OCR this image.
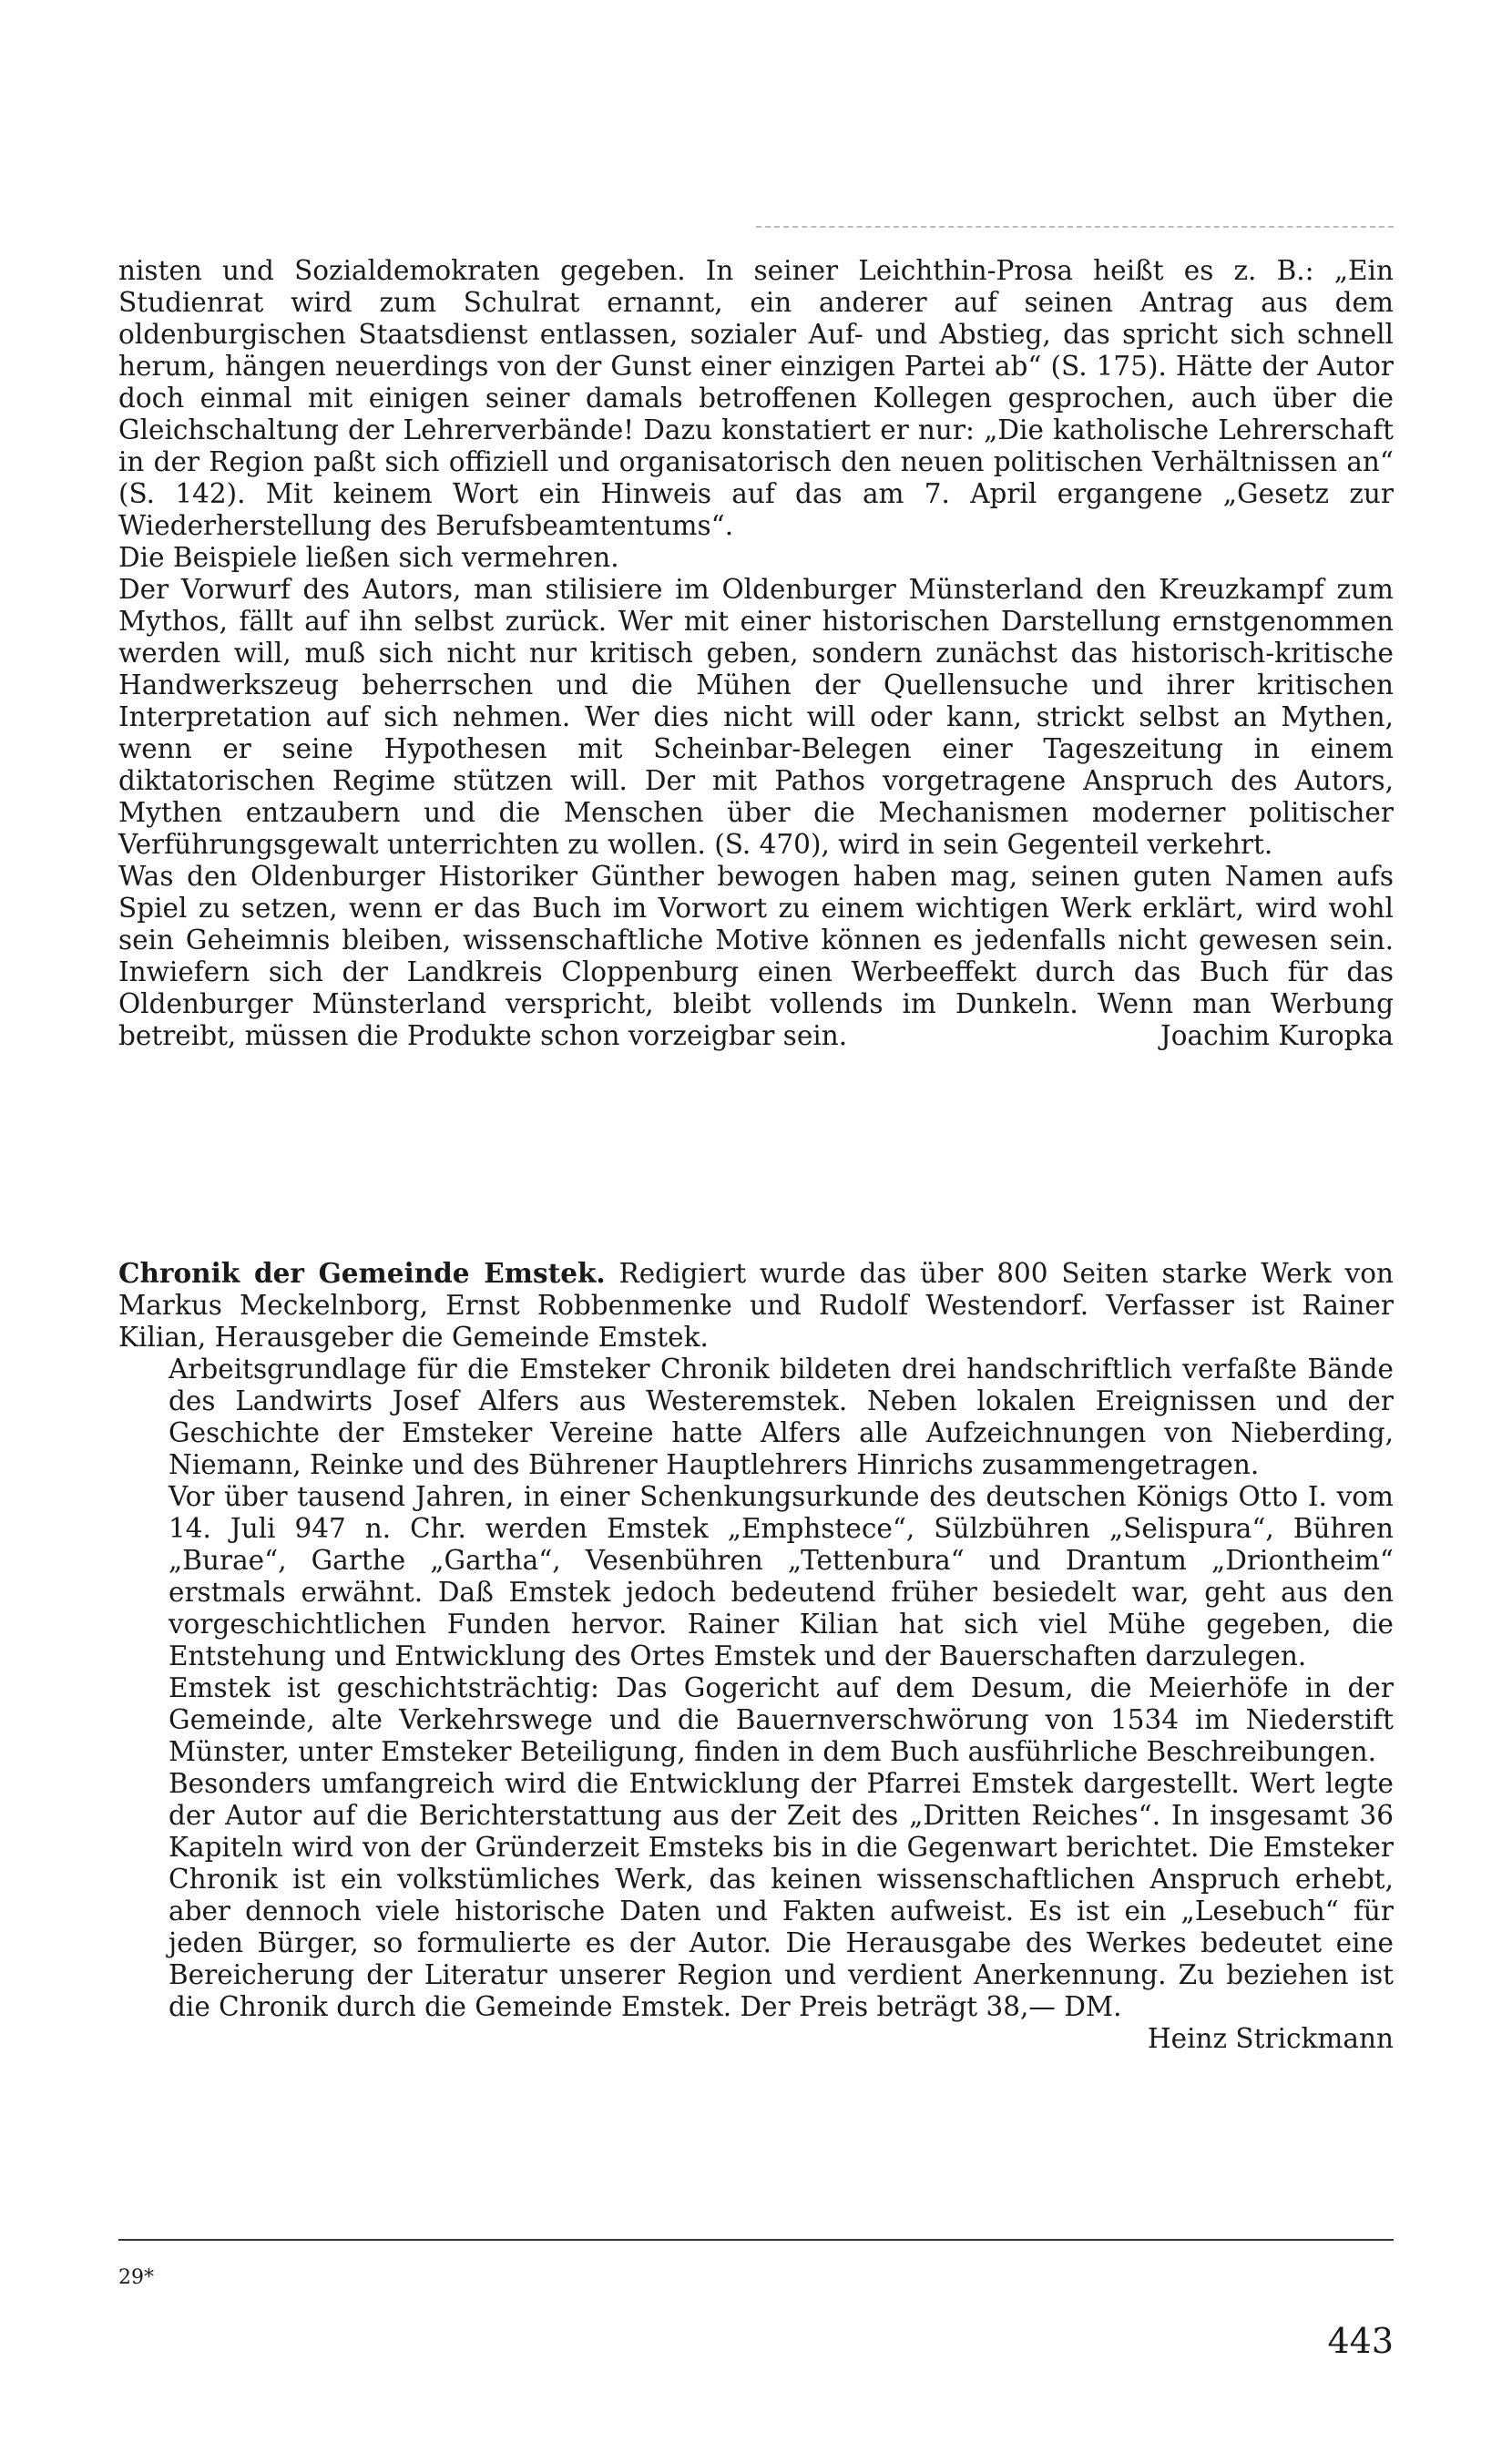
nisten und Sozialdemokraten gegeben. In seiner Leichthin-Prosa heißt es z. B.: „Ein Studienrat wird zum Schulrat ernannt, ein anderer auf seinen Antrag aus dem oldenburgischen Staatsdienst entlassen, sozialer Auf- und Abstieg, das spricht sich schnell herum, hängen neuerdings von der Gunst einer einzigen Partei ab“ (S. 175). Hätte der Autor doch einmal mit einigen seiner damals betroffenen Kollegen gesprochen, auch über die Gleichschaltung der Lehrerverbände! Dazu konstatiert er nur: „Die katholische Lehrerschaft in der Region paßt sich offiziell und organisatorisch den neuen politischen Verhältnissen an“ (S. 142). Mit keinem Wort ein Hinweis auf das am 7. April ergangene „Gesetz zur Wiederherstellung des Berufsbeamtentums“.
Die Beispiele ließen sich vermehren.
Der Vorwurf des Autors, man stilisiere im Oldenburger Münsterland den Kreuzkampf zum Mythos, fällt auf ihn selbst zurück. Wer mit einer historischen Darstellung ernstgenommen werden will, muß sich nicht nur kritisch geben, sondern zunächst das historisch-kritische Handwerkszeug beherrschen und die Mühen der Quellensuche und ihrer kritischen Interpretation auf sich nehmen. Wer dies nicht will oder kann, strickt selbst an Mythen, wenn er seine Hypothesen mit Scheinbar-Belegen einer Tageszeitung in einem diktatorischen Regime stützen will. Der mit Pathos vorgetragene Anspruch des Autors, Mythen entzaubern und die Menschen über die Mechanismen moderner politischer Verführungsgewalt unterrichten zu wollen. (S. 470), wird in sein Gegenteil verkehrt.
Was den Oldenburger Historiker Günther bewogen haben mag, seinen guten Namen aufs Spiel zu setzen, wenn er das Buch im Vorwort zu einem wichtigen Werk erklärt, wird wohl sein Geheimnis bleiben, wissenschaftliche Motive können es jedenfalls nicht gewesen sein. Inwiefern sich der Landkreis Cloppenburg einen Werbeeffekt durch das Buch für das Oldenburger Münsterland verspricht, bleibt vollends im Dunkeln. Wenn man Werbung betreibt, müssen die Produkte schon vorzeigbar sein.	Joachim Kuropka
Chronik der Gemeinde Emstek. Redigiert wurde das über 800 Seiten starke Werk von Markus Meckelnborg, Ernst Robbenmenke und Rudolf Westendorf. Verfasser ist Rainer Kilian, Herausgeber die Gemeinde Emstek.
Arbeitsgrundlage für die Emsteker Chronik bildeten drei handschriftlich verfaßte Bände des Landwirts Josef Alfers aus Westeremstek. Neben lokalen Ereignissen und der Geschichte der Emsteker Vereine hatte Alfers alle Aufzeichnungen von Nieberding, Niemann, Reinke und des Bührener Hauptlehrers Hinrichs zusammengetragen.
Vor über tausend Jahren, in einer Schenkungsurkunde des deutschen Königs Otto I. vom 14. Juli 947 n. Chr. werden Emstek „Emphstece“, Sülzbühren „Selispura“, Bühren „Burae“, Garthe „Gartha“, Vesenbühren „Tettenbura“ und Drantum „Driontheim“ erstmals erwähnt. Daß Emstek jedoch bedeutend früher besiedelt war, geht aus den vorgeschichtlichen Funden hervor. Rainer Kilian hat sich viel Mühe gegeben, die Entstehung und Entwicklung des Ortes Emstek und der Bauerschaften darzulegen.
Emstek ist geschichtsträchtig: Das Gogericht auf dem Desum, die Meierhöfe in der Gemeinde, alte Verkehrswege und die Bauernverschwörung von 1534 im Niederstift Münster, unter Emsteker Beteiligung, finden in dem Buch ausführliche Beschreibungen.
Besonders umfangreich wird die Entwicklung der Pfarrei Emstek dargestellt. Wert legte der Autor auf die Berichterstattung aus der Zeit des „Dritten Reiches“. In insgesamt 36 Kapiteln wird von der Gründerzeit Emsteks bis in die Gegenwart berichtet. Die Emsteker Chronik ist ein volkstümliches Werk, das keinen wissenschaftlichen Anspruch erhebt, aber dennoch viele historische Daten und Fakten aufweist. Es ist ein „Lesebuch“ für jeden Bürger, so formulierte es der Autor. Die Herausgabe des Werkes bedeutet eine Bereicherung der Literatur unserer Region und verdient Anerkennung. Zu beziehen ist die Chronik durch die Gemeinde Emstek. Der Preis beträgt 38,— DM.
Heinz Strickmann
29*
443
